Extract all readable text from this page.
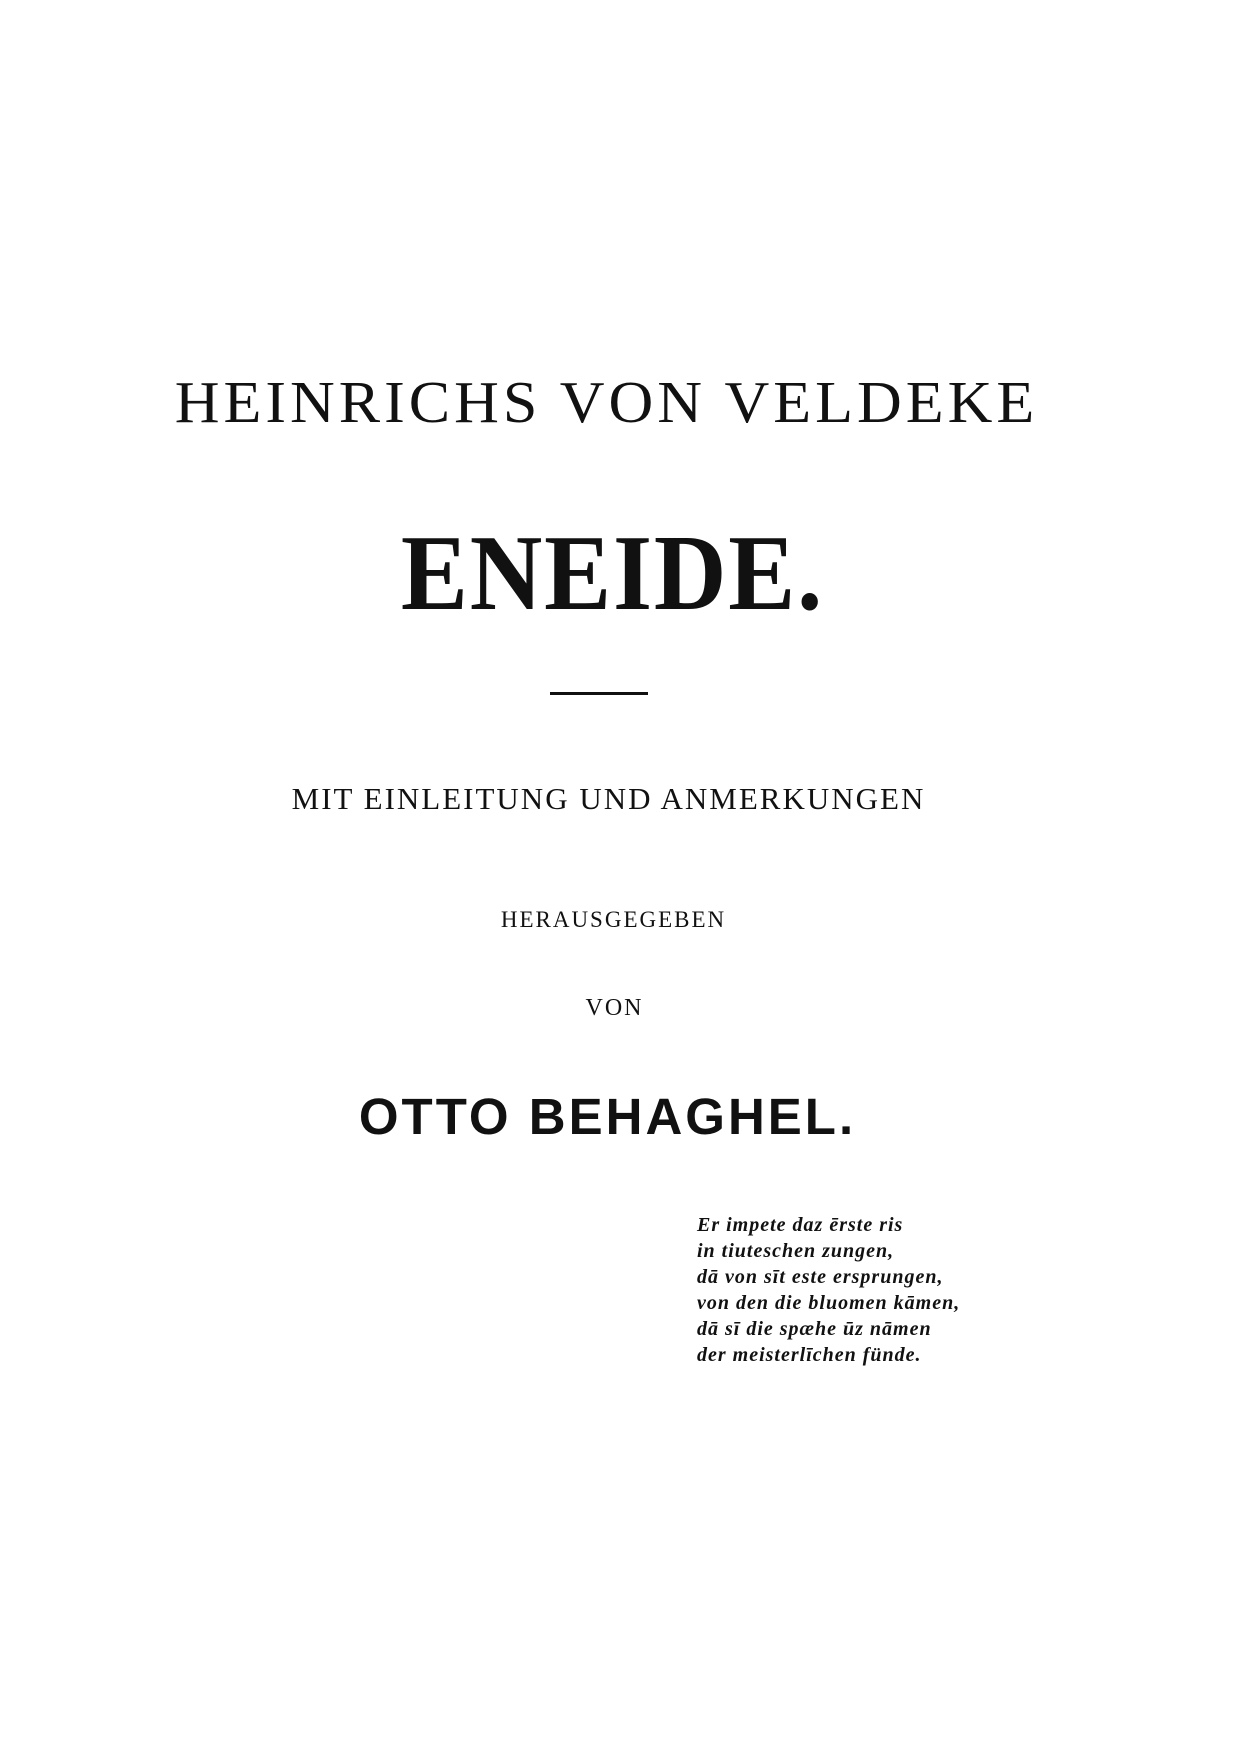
HEINRICHS VON VELDEKE
ENEIDE.
MIT EINLEITUNG UND ANMERKUNGEN
HERAUSGEGEBEN
VON
OTTO BEHAGHEL.
Er impete daz ērste ris
in tiuteschen zungen,
dā von sīt este ersprungen,
von den die bluomen kāmen,
dā sī die spæhe ūz nāmen
der meisterlīchen fünde.
